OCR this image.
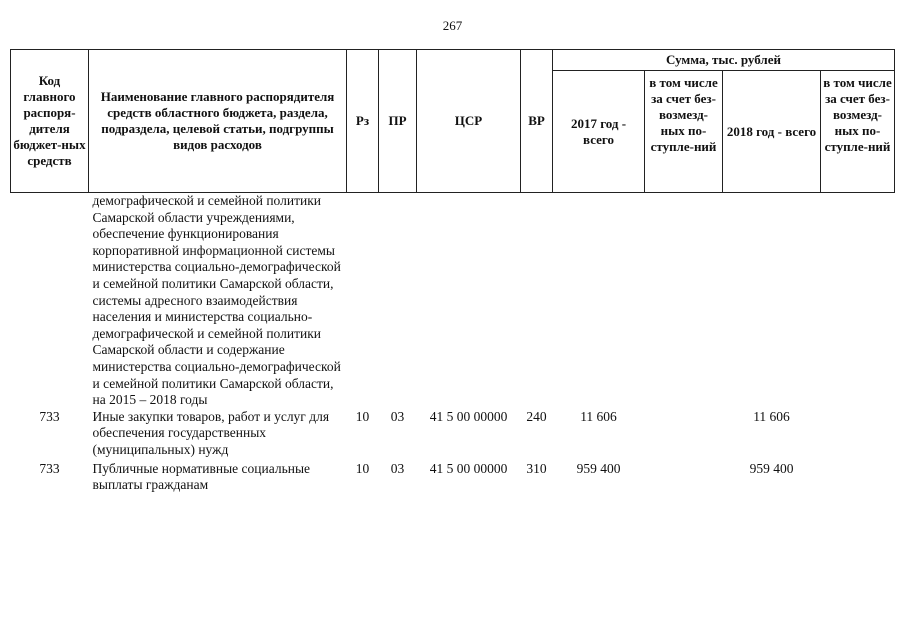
267
Код главного распоря-дителя бюджет-ных средств	Наименование главного распорядителя средств областного бюджета, раздела, подраздела, целевой статьи, подгруппы видов расходов	Рз	ПР	ЦСР	ВР	Сумма, тыс. рублей			
						2017 год - всего	в том числе за счет без-возмезд-ных по-ступле-ний	2018 год - всего	в том числе за счет без-возмезд-ных по-ступле-ний
	демографической и семейной политики Самарской области учреждениями, обеспечение функционирования корпоративной информационной системы министерства социально-демографической и семейной политики Самарской области, системы адресного взаимодействия населения и министерства социально-демографической и семейной политики Самарской области и содержание министерства социально-демографической и семейной политики Самарской области, на 2015 – 2018 годы								
733	Иные закупки товаров, работ и услуг для обеспечения государственных (муниципальных) нужд	10	03	41 5 00 00000	240	11 606		11 606	
733	Публичные нормативные социальные выплаты гражданам	10	03	41 5 00 00000	310	959 400		959 400	
